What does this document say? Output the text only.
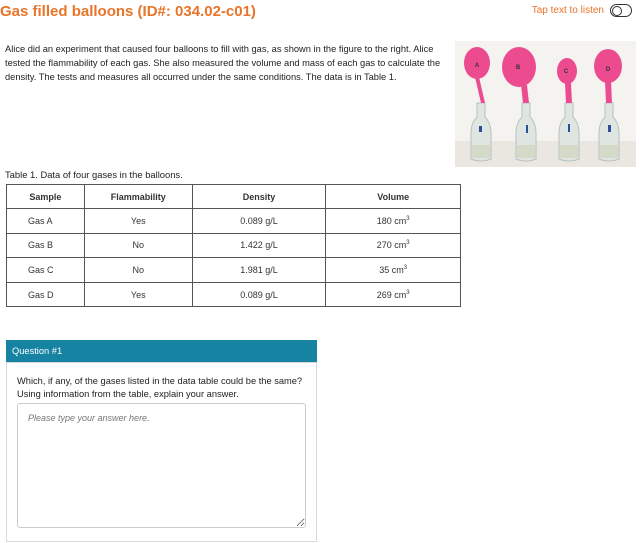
Gas filled balloons (ID#: 034.02-c01)	Tap text to listen
Alice did an experiment that caused four balloons to fill with gas, as shown in the figure to the right. Alice tested the flammability of each gas. She also measured the volume and mass of each gas to calculate the density. The tests and measures all occurred under the same conditions. The data is in Table 1.
A	B
C	D
Table 1. Data of four gases in the balloons.
Sample	Flammability	Density	Volume
Gas A	Yes	0.089 g/L	180 $cm^3$
Gas B	No	1.422 g/L	270 $cm^3$
Gas C	No	1.981 g/L	35 $cm^3$
Gas D	Yes	0.089 g/L	269 $cm^3$
Question #1
Which, if any, of the gases listed in the data table could be the same? Using information from the table, explain your answer.
Please type your answer here.
